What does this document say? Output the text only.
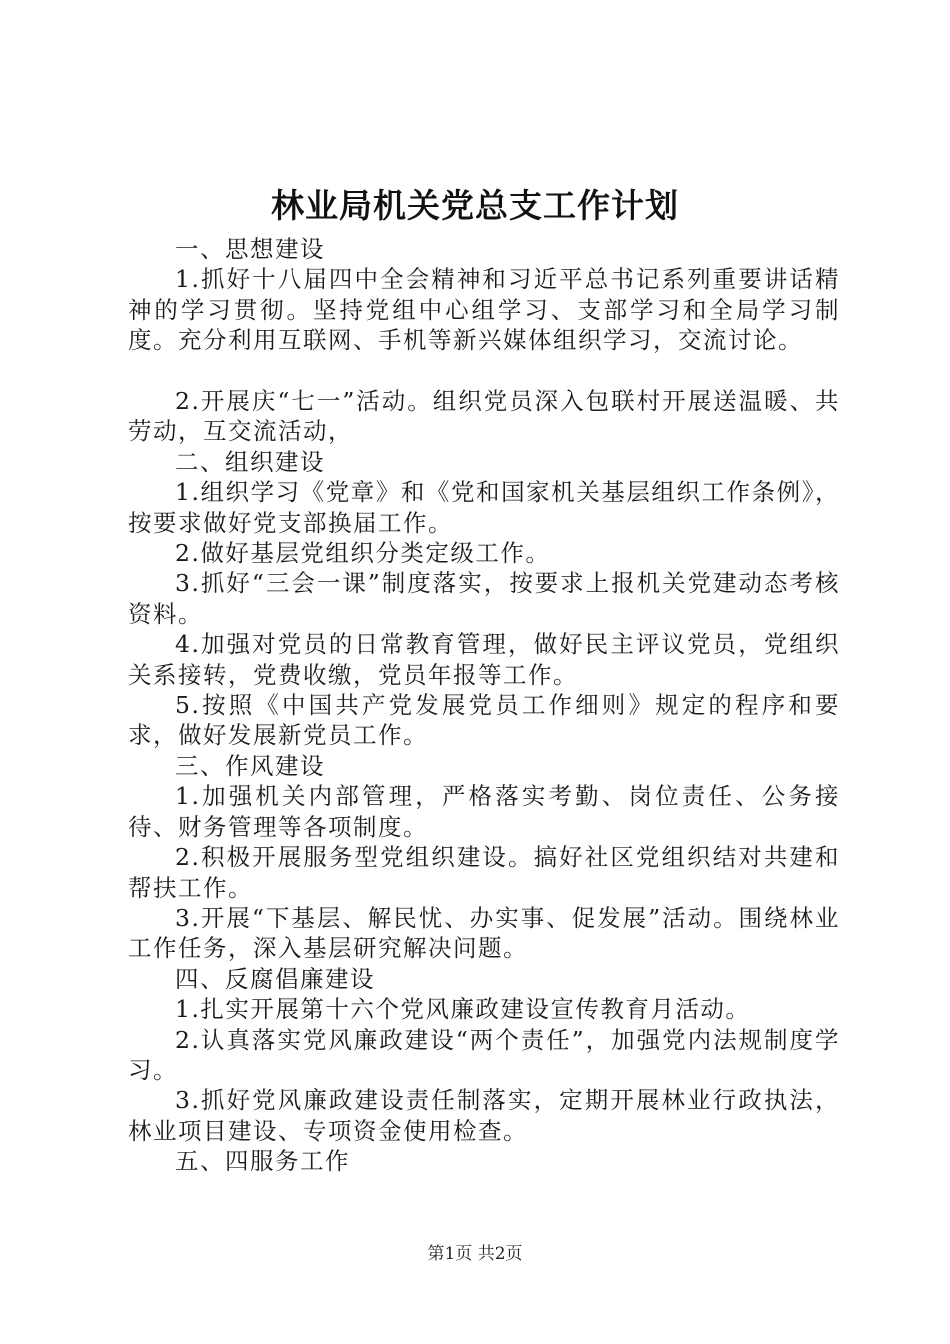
林业局机关党总支工作计划

一、思想建设

1.抓好十八届四中全会精神和习近平总书记系列重要讲话精神的学习贯彻。坚持党组中心组学习、支部学习和全局学习制度。充分利用互联网、手机等新兴媒体组织学习，交流讨论。

2.开展庆“七一”活动。组织党员深入包联村开展送温暖、共劳动，互交流活动，

二、组织建设

1.组织学习《党章》和《党和国家机关基层组织工作条例》，按要求做好党支部换届工作。

2.做好基层党组织分类定级工作。

3.抓好“三会一课”制度落实，按要求上报机关党建动态考核资料。

4.加强对党员的日常教育管理，做好民主评议党员，党组织关系接转，党费收缴，党员年报等工作。

5.按照《中国共产党发展党员工作细则》规定的程序和要求，做好发展新党员工作。

三、作风建设

1.加强机关内部管理，严格落实考勤、岗位责任、公务接待、财务管理等各项制度。

2.积极开展服务型党组织建设。搞好社区党组织结对共建和帮扶工作。

3.开展“下基层、解民忧、办实事、促发展”活动。围绕林业工作任务，深入基层研究解决问题。

四、反腐倡廉建设

1.扎实开展第十六个党风廉政建设宣传教育月活动。

2.认真落实党风廉政建设“两个责任”，加强党内法规制度学习。

3.抓好党风廉政建设责任制落实，定期开展林业行政执法，林业项目建设、专项资金使用检查。

五、四服务工作

第1页 共2页
